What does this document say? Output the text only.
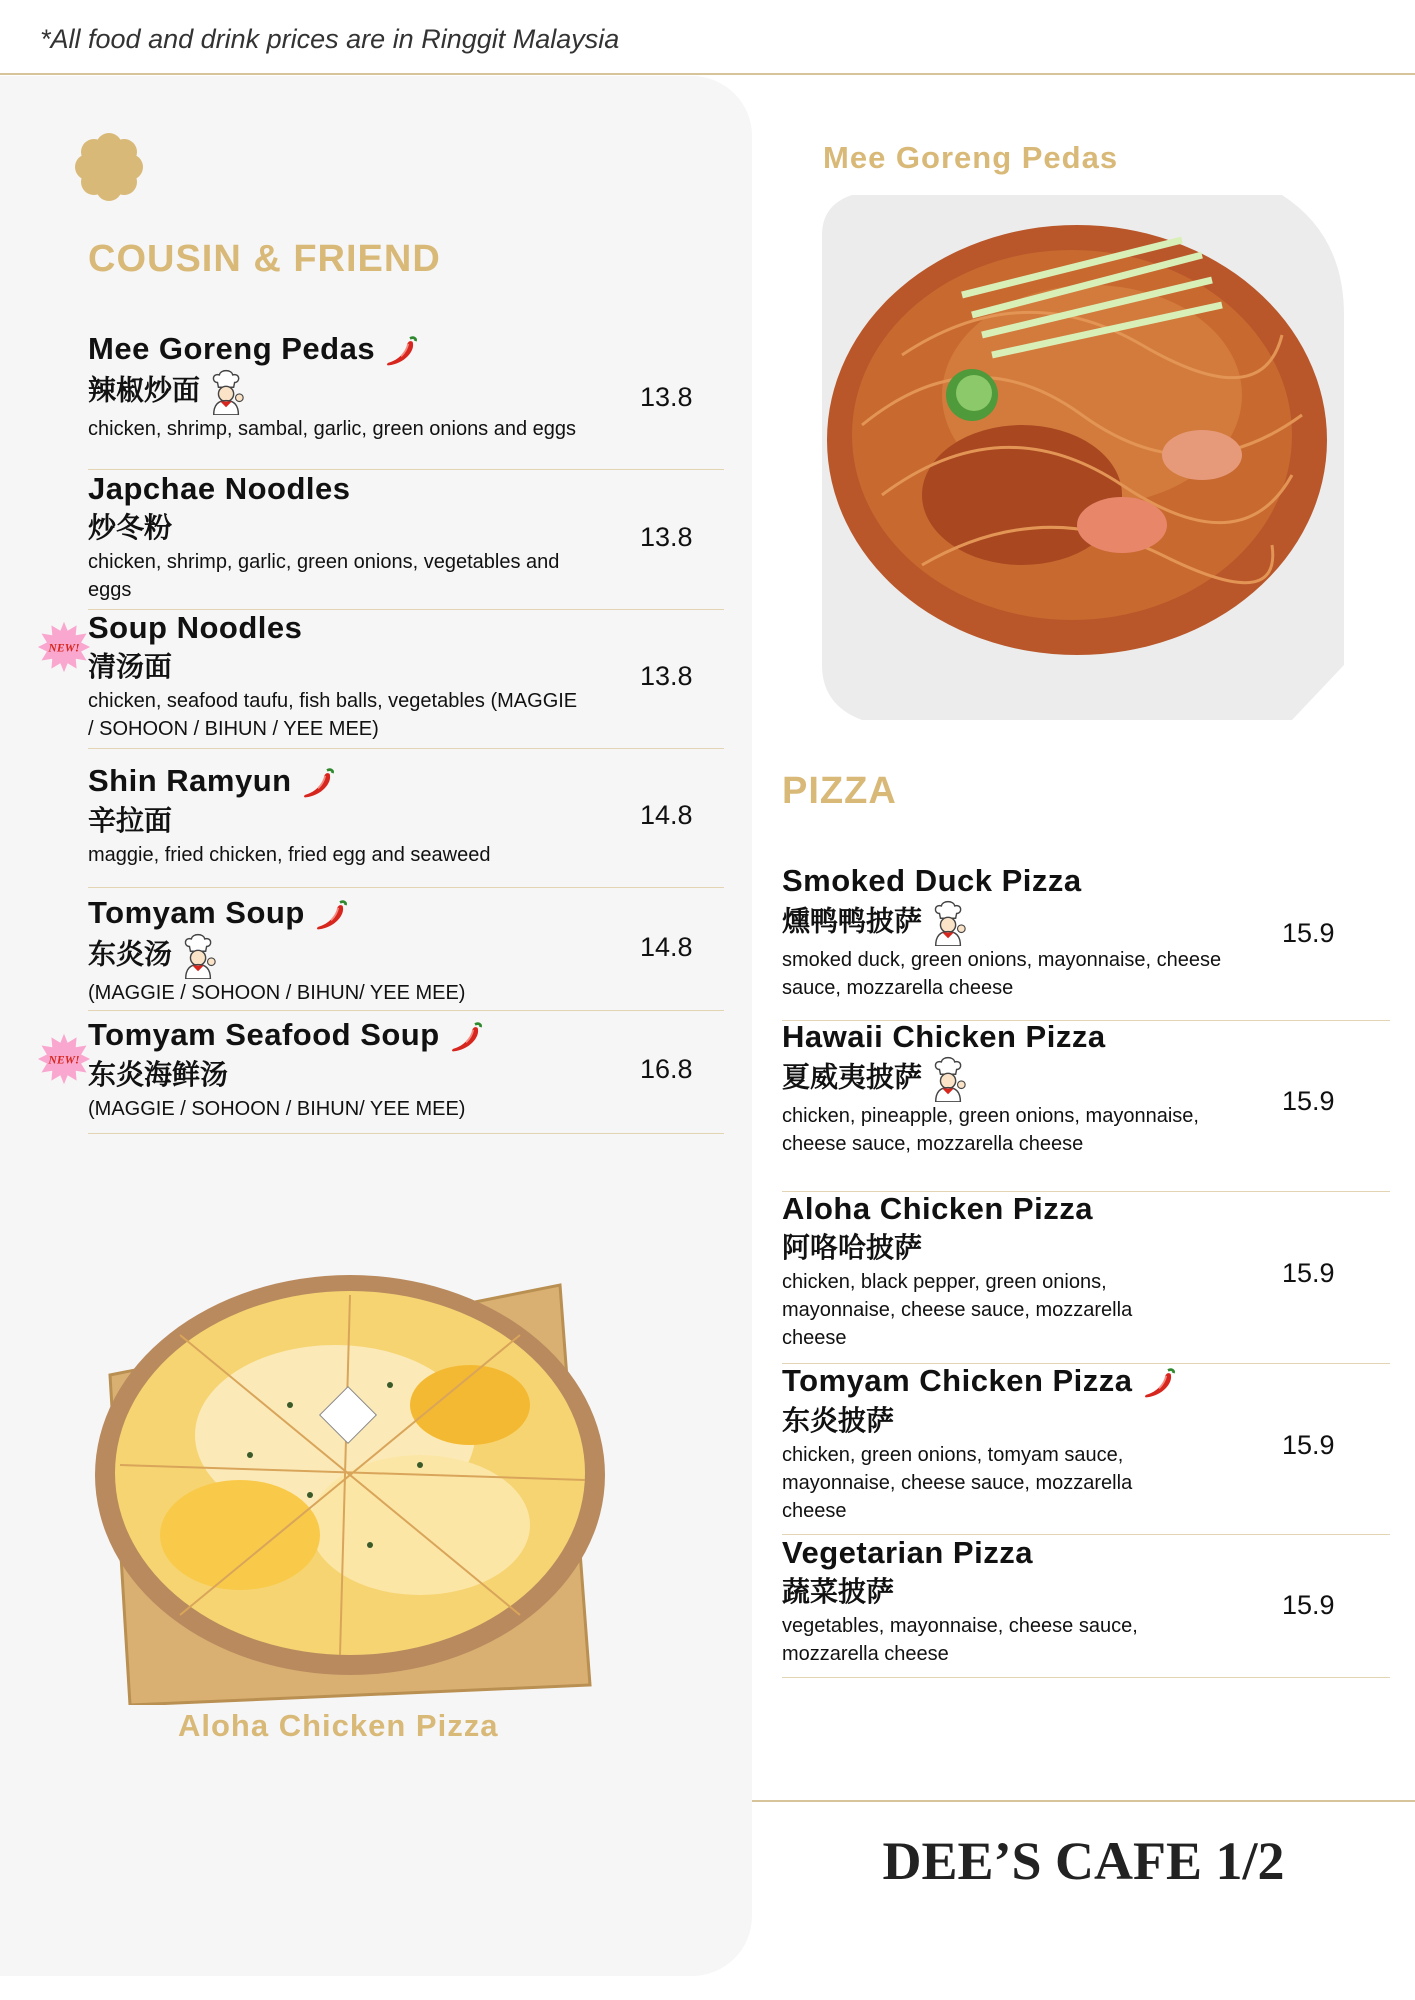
*All food and drink prices are in Ringgit Malaysia
COUSIN & FRIEND
Mee Goreng Pedas
辣椒炒面
chicken, shrimp, sambal, garlic, green onions and eggs
13.8
Japchae Noodles
炒冬粉
chicken, shrimp, garlic, green onions, vegetables and eggs
13.8
NEW!
Soup Noodles
清汤面
chicken, seafood taufu, fish balls, vegetables (MAGGIE / SOHOON / BIHUN / YEE MEE)
13.8
Shin Ramyun
辛拉面
maggie, fried chicken, fried egg and seaweed
14.8
Tomyam Soup
东炎汤
(MAGGIE / SOHOON / BIHUN/ YEE MEE)
14.8
NEW!
Tomyam Seafood Soup
东炎海鲜汤
(MAGGIE / SOHOON / BIHUN/ YEE MEE)
16.8
Aloha Chicken Pizza
Mee Goreng Pedas
PIZZA
Smoked Duck Pizza
燻鸭鸭披萨
smoked duck, green onions, mayonnaise, cheese sauce, mozzarella cheese
15.9
Hawaii Chicken Pizza
夏威夷披萨
chicken, pineapple, green onions, mayonnaise, cheese sauce, mozzarella cheese
15.9
Aloha Chicken Pizza
阿咯哈披萨
chicken, black pepper, green onions, mayonnaise, cheese sauce, mozzarella cheese
15.9
Tomyam Chicken Pizza
东炎披萨
chicken, green onions, tomyam sauce, mayonnaise, cheese sauce, mozzarella cheese
15.9
Vegetarian Pizza
蔬菜披萨
vegetables, mayonnaise, cheese sauce, mozzarella cheese
15.9
DEE’S CAFE 1/2
